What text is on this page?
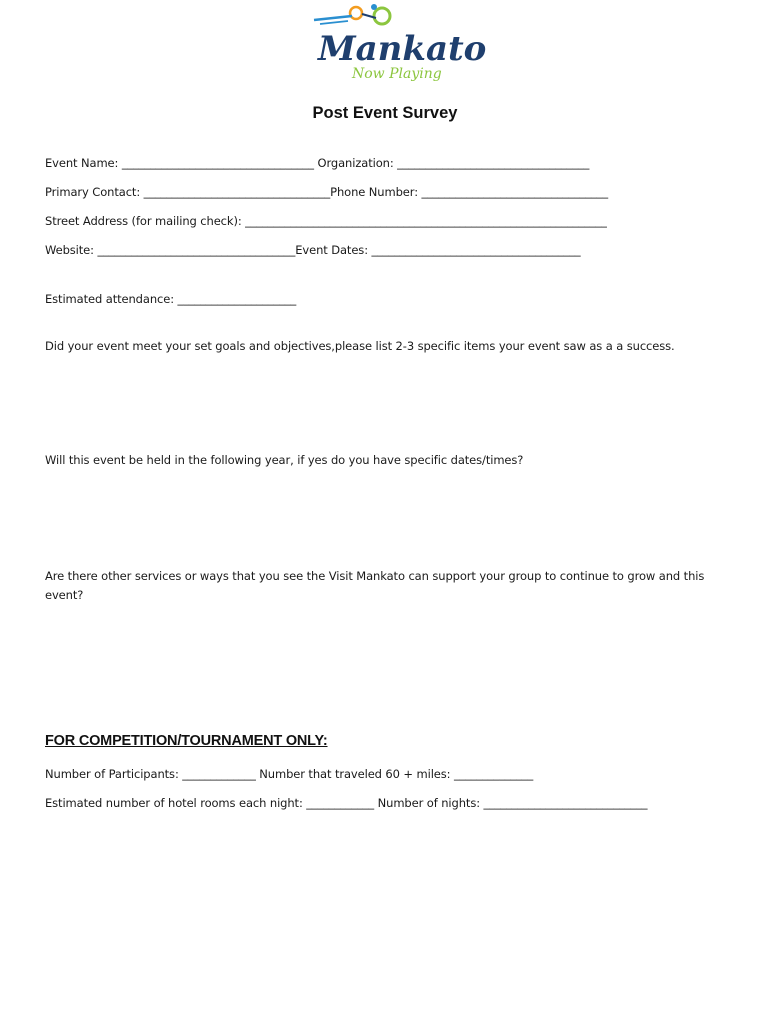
Mankato
Now Playing
Post Event Survey
Event Name: __________________________________ Organization: __________________________________
Primary Contact: _________________________________Phone Number: _________________________________
Street Address (for mailing check): ________________________________________________________________
Website: ___________________________________Event Dates: _____________________________________
Estimated attendance: _____________________
Did your event meet your set goals and objectives,please list 2-3 specific items your event saw as a a success.
Will this event be held in the following year, if yes do you have specific dates/times?
Are there other services or ways that you see the Visit Mankato can support your group to continue to grow and this event?
FOR COMPETITION/TOURNAMENT ONLY:
Number of Participants: _____________ Number that traveled 60 + miles: ______________
Estimated number of hotel rooms each night: ____________ Number of nights: _____________________________
